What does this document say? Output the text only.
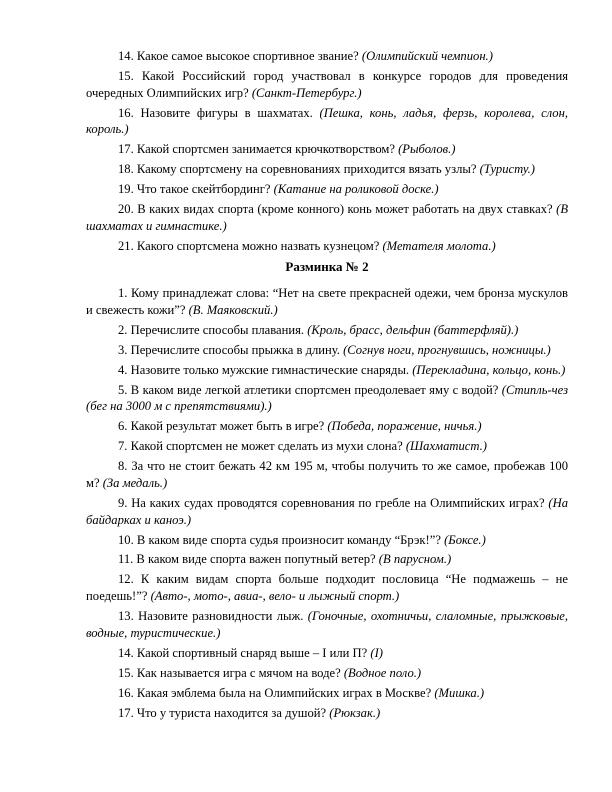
14. Какое самое высокое спортивное звание? (Олимпийский чемпион.)

15. Какой Российский город участвовал в конкурсе городов для проведения очередных Олимпийских игр? (Санкт-Петербург.)

16. Назовите фигуры в шахматах. (Пешка, конь, ладья, ферзь, королева, слон, король.)

17. Какой спортсмен занимается крючкотворством? (Рыболов.)

18. Какому спортсмену на соревнованиях приходится вязать узлы? (Туристу.)

19. Что такое скейтбординг? (Катание на роликовой доске.)

20. В каких видах спорта (кроме конного) конь может работать на двух ставках? (В шахматах и гимнастике.)

21. Какого спортсмена можно назвать кузнецом? (Метателя молота.)

Разминка № 2

1. Кому принадлежат слова: “Нет на свете прекрасней одежи, чем бронза мускулов и свежесть кожи”? (В. Маяковский.)

2. Перечислите способы плавания. (Кроль, брасс, дельфин (баттерфляй).)

3. Перечислите способы прыжка в длину. (Согнув ноги, прогнувшись, ножницы.)

4. Назовите только мужские гимнастические снаряды. (Перекладина, кольцо, конь.)

5. В каком виде легкой атлетики спортсмен преодолевает яму с водой? (Стипль-чез (бег на 3000 м с препятствиями).)

6. Какой результат может быть в игре? (Победа, поражение, ничья.)

7. Какой спортсмен не может сделать из мухи слона? (Шахматист.)

8. За что не стоит бежать 42 км 195 м, чтобы получить то же самое, пробежав 100 м? (За медаль.)

9. На каких судах проводятся соревнования по гребле на Олимпийских играх? (На байдарках и каноэ.)

10. В каком виде спорта судья произносит команду “Брэк!”? (Боксе.)

11. В каком виде спорта важен попутный ветер? (В парусном.)

12. К каким видам спорта больше подходит пословица “Не подмажешь – не поедешь!”? (Авто-, мото-, авиа-, вело- и лыжный спорт.)

13. Назовите разновидности лыж. (Гоночные, охотничьи, слаломные, прыжковые, водные, туристические.)

14. Какой спортивный снаряд выше – I или П? (I)

15. Как называется игра с мячом на воде? (Водное поло.)

16. Какая эмблема была на Олимпийских играх в Москве? (Мишка.)

17. Что у туриста находится за душой? (Рюкзак.)
